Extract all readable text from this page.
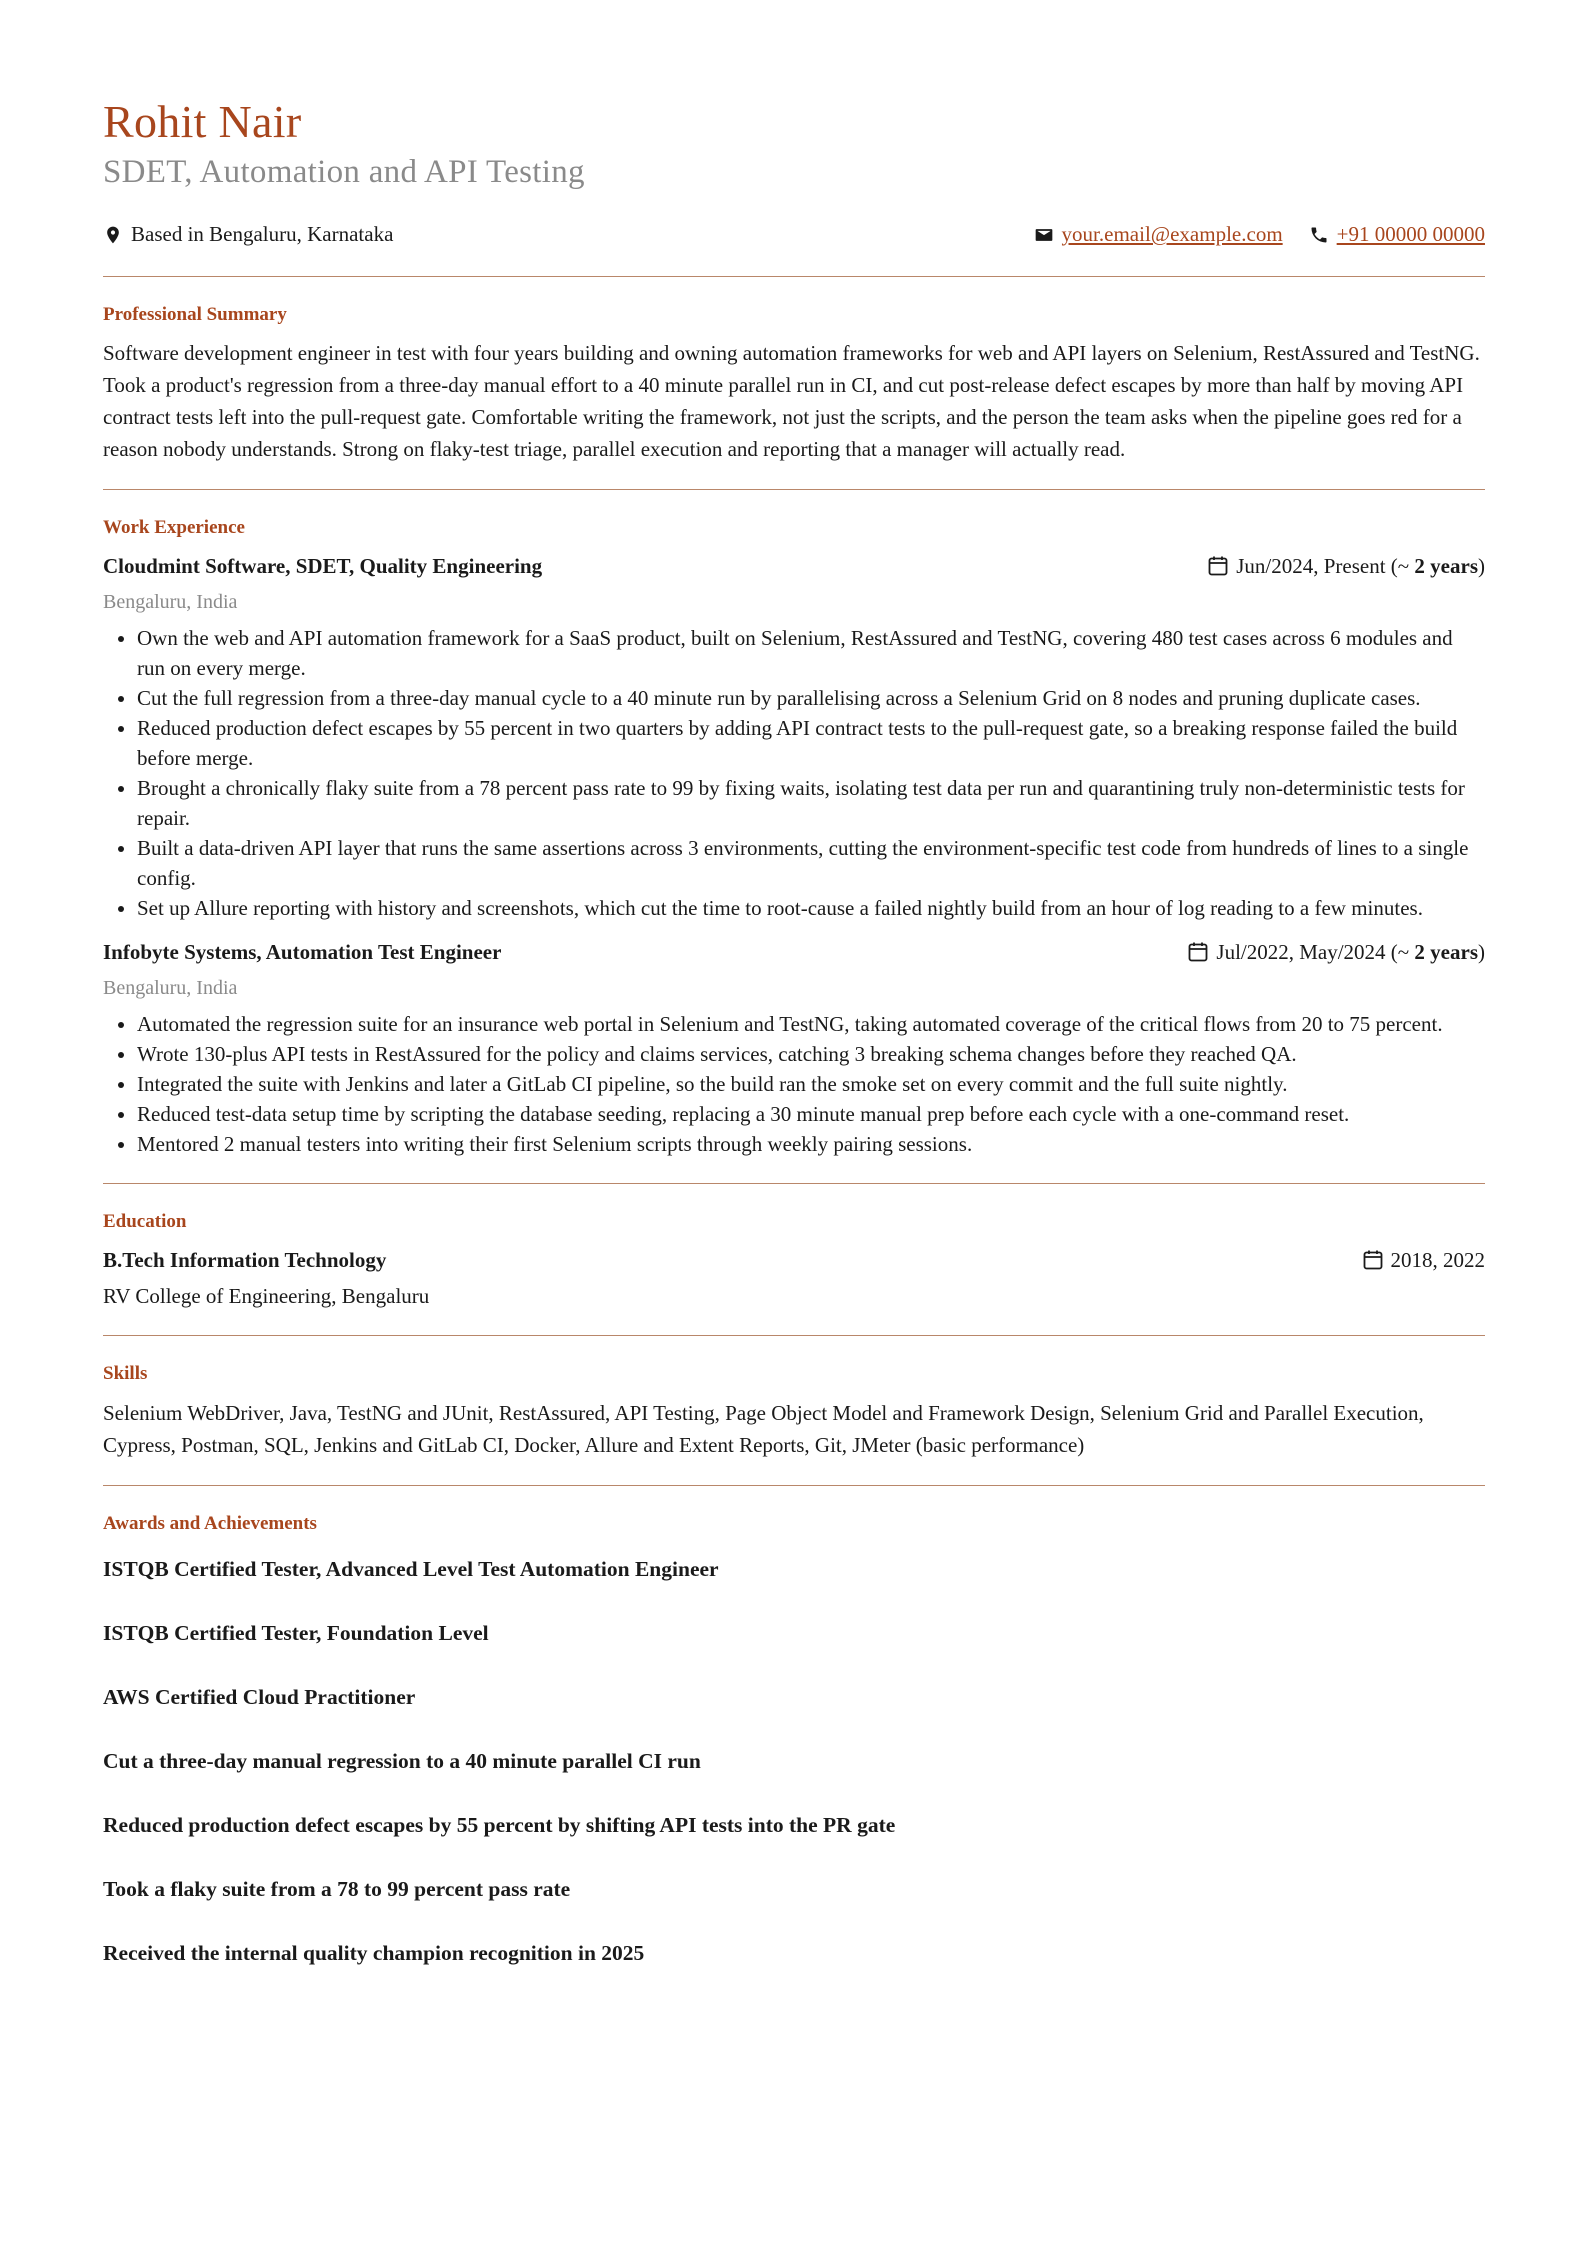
Rohit Nair
SDET, Automation and API Testing
Based in Bengaluru, Karnataka	your.email@example.com	+91 00000 00000
Professional Summary

Software development engineer in test with four years building and owning automation frameworks for web and API layers on Selenium, RestAssured and TestNG. Took a product's regression from a three-day manual effort to a 40 minute parallel run in CI, and cut post-release defect escapes by more than half by moving API contract tests left into the pull-request gate. Comfortable writing the framework, not just the scripts, and the person the team asks when the pipeline goes red for a reason nobody understands. Strong on flaky-test triage, parallel execution and reporting that a manager will actually read.

Work Experience
Cloudmint Software, SDET, Quality Engineering	Jun/2024, Present (~ 2 years)
Bengaluru, India
• Own the web and API automation framework for a SaaS product, built on Selenium, RestAssured and TestNG, covering 480 test cases across 6 modules and run on every merge.
• Cut the full regression from a three-day manual cycle to a 40 minute run by parallelising across a Selenium Grid on 8 nodes and pruning duplicate cases.
• Reduced production defect escapes by 55 percent in two quarters by adding API contract tests to the pull-request gate, so a breaking response failed the build before merge.
• Brought a chronically flaky suite from a 78 percent pass rate to 99 by fixing waits, isolating test data per run and quarantining truly non-deterministic tests for repair.
• Built a data-driven API layer that runs the same assertions across 3 environments, cutting the environment-specific test code from hundreds of lines to a single config.
• Set up Allure reporting with history and screenshots, which cut the time to root-cause a failed nightly build from an hour of log reading to a few minutes.
Infobyte Systems, Automation Test Engineer	Jul/2022, May/2024 (~ 2 years)
Bengaluru, India
• Automated the regression suite for an insurance web portal in Selenium and TestNG, taking automated coverage of the critical flows from 20 to 75 percent.
• Wrote 130-plus API tests in RestAssured for the policy and claims services, catching 3 breaking schema changes before they reached QA.
• Integrated the suite with Jenkins and later a GitLab CI pipeline, so the build ran the smoke set on every commit and the full suite nightly.
• Reduced test-data setup time by scripting the database seeding, replacing a 30 minute manual prep before each cycle with a one-command reset.
• Mentored 2 manual testers into writing their first Selenium scripts through weekly pairing sessions.
Education
B.Tech Information Technology	2018, 2022
RV College of Engineering, Bengaluru
Skills

Selenium WebDriver, Java, TestNG and JUnit, RestAssured, API Testing, Page Object Model and Framework Design, Selenium Grid and Parallel Execution, Cypress, Postman, SQL, Jenkins and GitLab CI, Docker, Allure and Extent Reports, Git, JMeter (basic performance)

Awards and Achievements

ISTQB Certified Tester, Advanced Level Test Automation Engineer

ISTQB Certified Tester, Foundation Level

AWS Certified Cloud Practitioner

Cut a three-day manual regression to a 40 minute parallel CI run

Reduced production defect escapes by 55 percent by shifting API tests into the PR gate

Took a flaky suite from a 78 to 99 percent pass rate

Received the internal quality champion recognition in 2025
